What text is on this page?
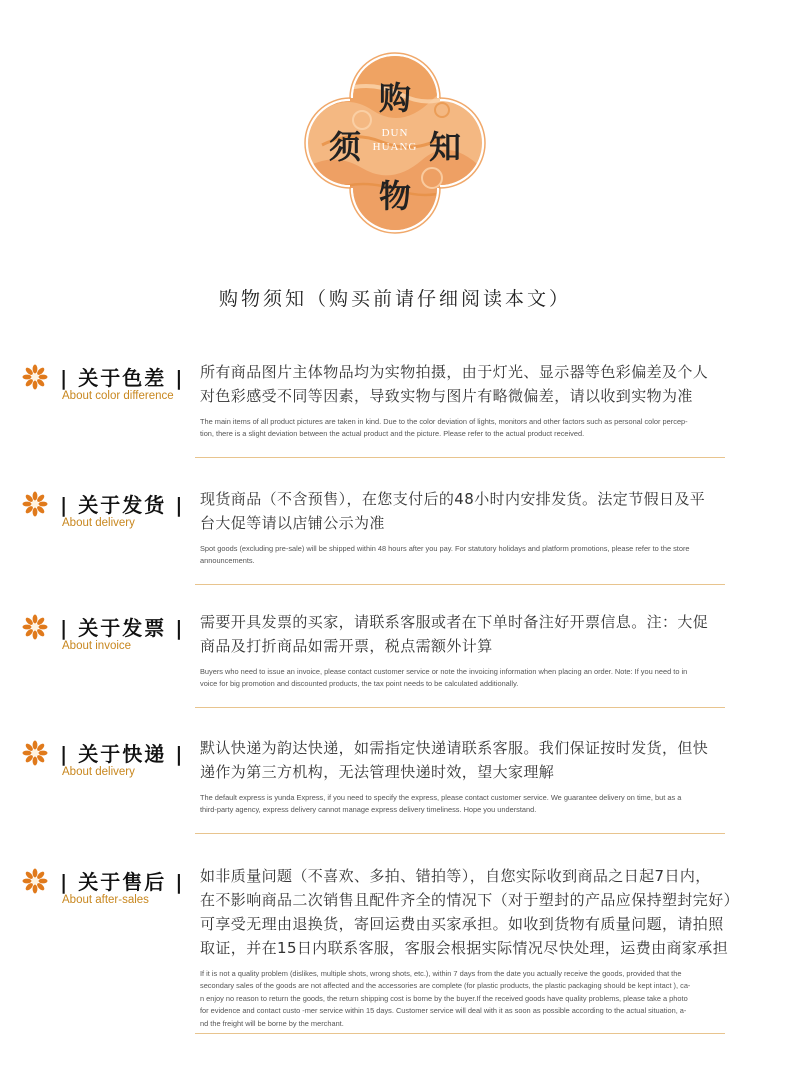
购
须 知
物
DUN
HUANG
购物须知（购买前请仔细阅读本文）
| 关于色差 |
About color difference
所有商品图片主体物品均为实物拍摄，由于灯光、显示器等色彩偏差及个人
对色彩感受不同等因素，导致实物与图片有略微偏差，请以收到实物为准
The main items of all product pictures are taken in kind. Due to the color deviation of lights, monitors and other factors such as personal color percep-
tion, there is a slight deviation between the actual product and the picture. Please refer to the actual product received.
| 关于发货 |
About delivery
现货商品（不含预售），在您支付后的48小时内安排发货。法定节假日及平
台大促等请以店铺公示为准
Spot goods (excluding pre-sale) will be shipped within 48 hours after you pay. For statutory holidays and platform promotions, please refer to the store
announcements.
| 关于发票 |
About invoice
需要开具发票的买家，请联系客服或者在下单时备注好开票信息。注：大促
商品及打折商品如需开票，税点需额外计算
Buyers who need to issue an invoice, please contact customer service or note the invoicing information when placing an order. Note: If you need to in
voice for big promotion and discounted products, the tax point needs to be calculated additionally.
| 关于快递 |
About delivery
默认快递为韵达快递，如需指定快递请联系客服。我们保证按时发货，但快
递作为第三方机构，无法管理快递时效，望大家理解
The default express is yunda Express, if you need to specify the express, please contact customer service. We guarantee delivery on time, but as a
third-party agency, express delivery cannot manage express delivery timeliness. Hope you understand.
| 关于售后 |
About after-sales
如非质量问题（不喜欢、多拍、错拍等），自您实际收到商品之日起7日内，
在不影响商品二次销售且配件齐全的情况下（对于塑封的产品应保持塑封完好）
可享受无理由退换货，寄回运费由买家承担。如收到货物有质量问题，请拍照
取证，并在15日内联系客服，客服会根据实际情况尽快处理，运费由商家承担
If it is not a quality problem (dislikes, multiple shots, wrong shots, etc.), within 7 days from the date you actually receive the goods, provided that the
secondary sales of the goods are not affected and the accessories are complete (for plastic products, the plastic packaging should be kept intact ), ca-
n enjoy no reason to return the goods, the return shipping cost is borne by the buyer.If the received goods have quality problems, please take a photo
for evidence and contact custo -mer service within 15 days. Customer service will deal with it as soon as possible according to the actual situation, a-
nd the freight will be borne by the merchant.
